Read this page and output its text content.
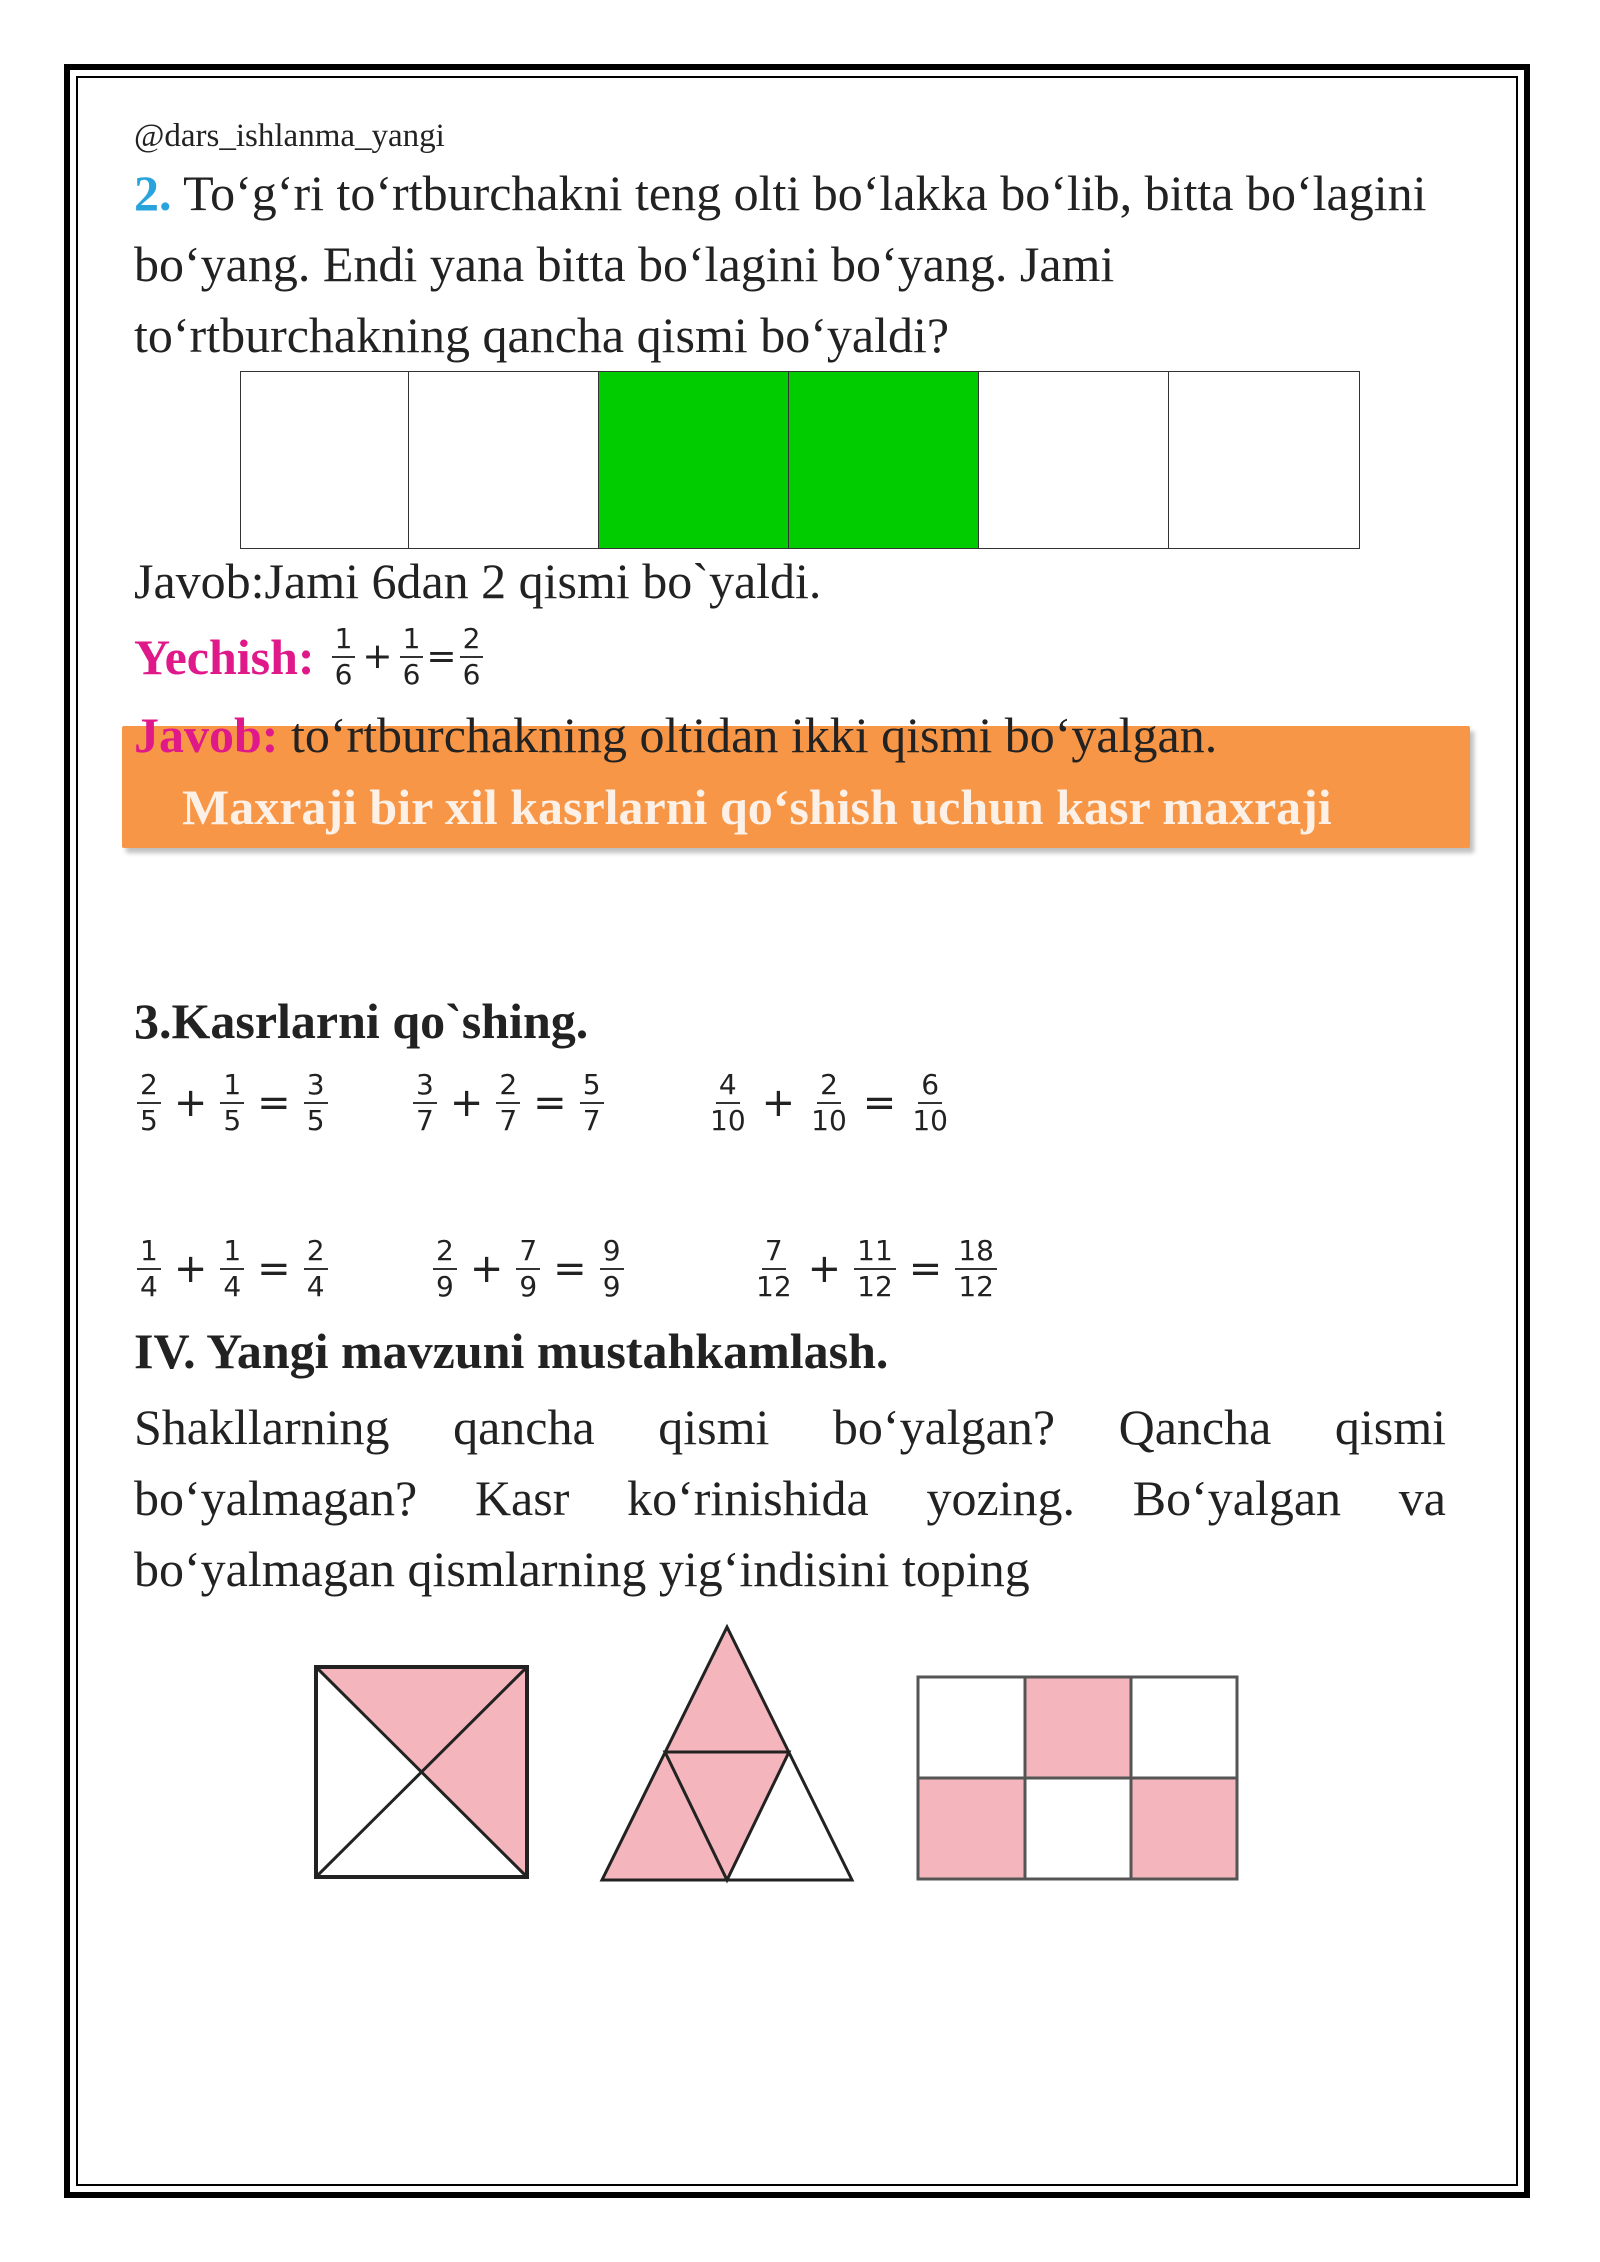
@dars_ishlanma_yangi
2. To‘g‘ri to‘rtburchakni teng olti bo‘lakka bo‘lib, bitta bo‘lagini bo‘yang. Endi yana bitta bo‘lagini bo‘yang. Jami to‘rtburchakning qancha qismi bo‘yaldi?
Javob:Jami 6dan 2 qismi bo`yaldi.
Yechish: $\frac{1}{6} + \frac{1}{6} = \frac{2}{6}$
Javob: to‘rtburchakning oltidan ikki qismi bo‘yalgan.
Maxraji bir xil kasrlarni qo‘shish uchun kasr maxraji
3.Kasrlarni qo`shing.
$\frac{2}{5} + \frac{1}{5} = \frac{3}{5}$	$\frac{3}{7} + \frac{2}{7} = \frac{5}{7}$	$\frac{4}{10} + \frac{2}{10} = \frac{6}{10}$
$\frac{1}{4} + \frac{1}{4} = \frac{2}{4}$	$\frac{2}{9} + \frac{7}{9} = \frac{9}{9}$	$\frac{7}{12} + \frac{11}{12} = \frac{18}{12}$
IV. Yangi mavzuni mustahkamlash.
Shakllarning qancha qismi bo‘yalgan? Qancha qismi bo‘yalmagan? Kasr ko‘rinishida yozing. Bo‘yalgan va bo‘yalmagan qismlarning yig‘indisini toping
